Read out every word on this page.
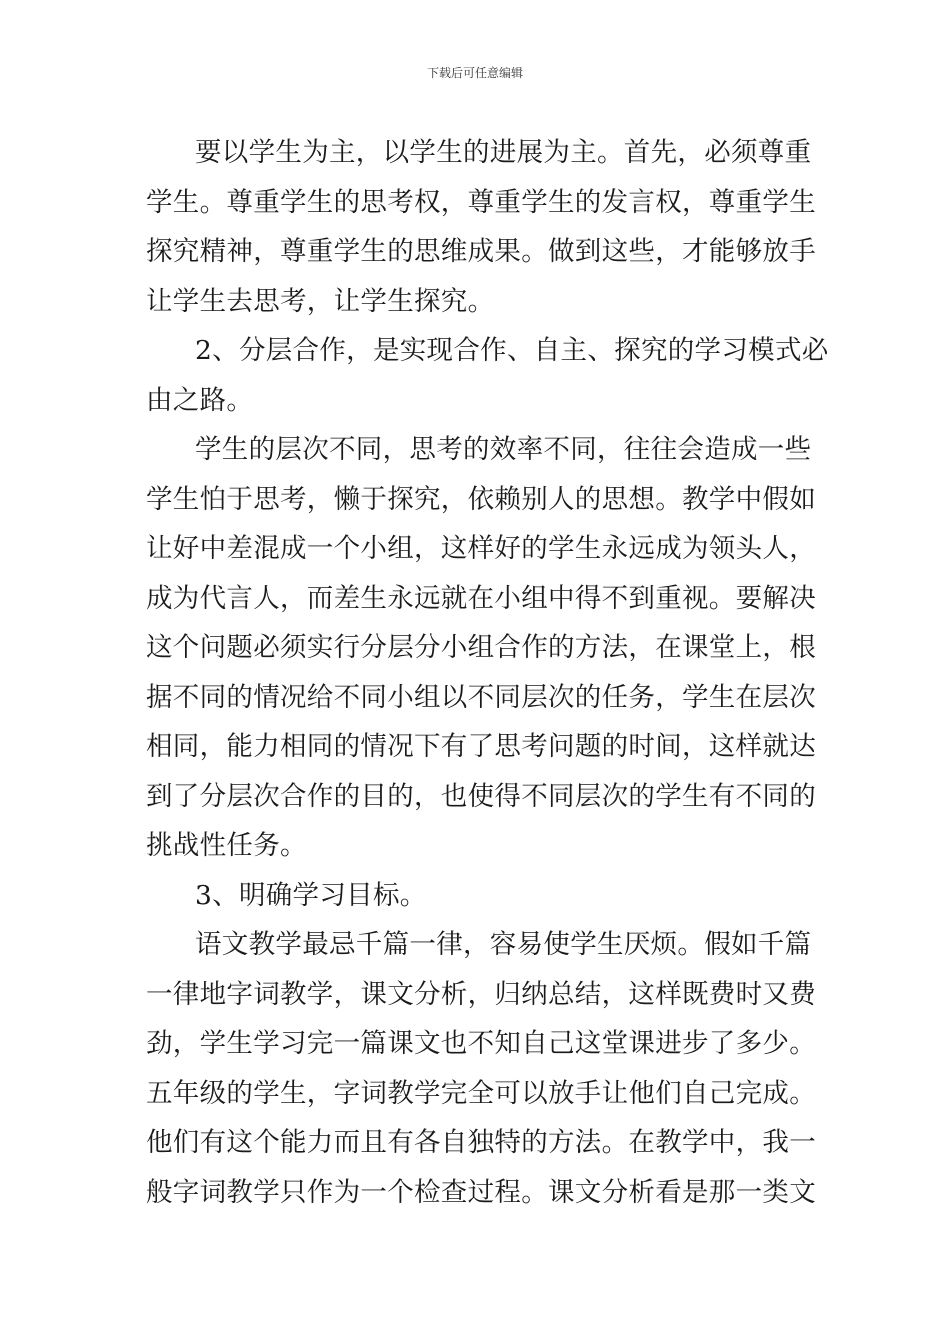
下载后可任意编辑
要以学生为主，以学生的进展为主。首先，必须尊重
学生。尊重学生的思考权，尊重学生的发言权，尊重学生
探究精神，尊重学生的思维成果。做到这些，才能够放手
让学生去思考，让学生探究。
2、分层合作，是实现合作、自主、探究的学习模式必
由之路。
学生的层次不同，思考的效率不同，往往会造成一些
学生怕于思考，懒于探究，依赖别人的思想。教学中假如
让好中差混成一个小组，这样好的学生永远成为领头人，
成为代言人，而差生永远就在小组中得不到重视。要解决
这个问题必须实行分层分小组合作的方法，在课堂上，根
据不同的情况给不同小组以不同层次的任务，学生在层次
相同，能力相同的情况下有了思考问题的时间，这样就达
到了分层次合作的目的，也使得不同层次的学生有不同的
挑战性任务。
3、明确学习目标。
语文教学最忌千篇一律，容易使学生厌烦。假如千篇
一律地字词教学，课文分析，归纳总结，这样既费时又费
劲，学生学习完一篇课文也不知自己这堂课进步了多少。
五年级的学生，字词教学完全可以放手让他们自己完成。
他们有这个能力而且有各自独特的方法。在教学中，我一
般字词教学只作为一个检查过程。课文分析看是那一类文
